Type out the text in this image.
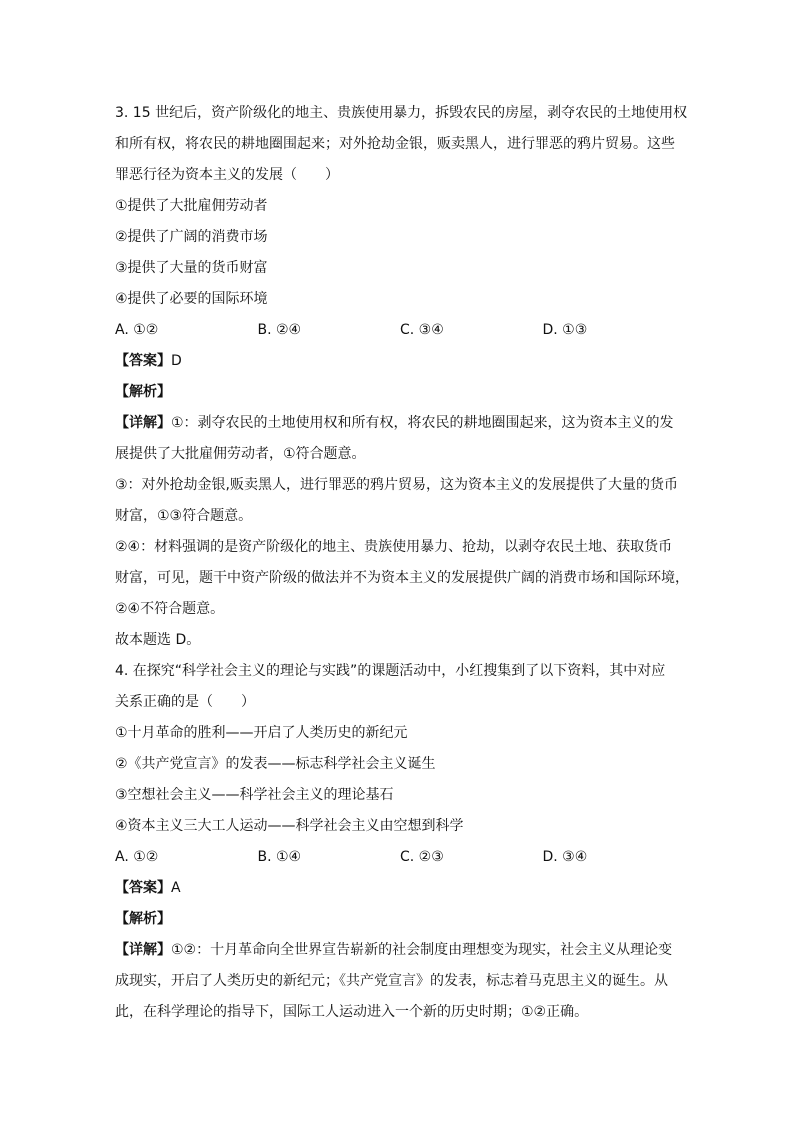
3. 15 世纪后，资产阶级化的地主、贵族使用暴力，拆毁农民的房屋，剥夺农民的土地使用权
和所有权，将农民的耕地圈围起来；对外抢劫金银，贩卖黑人，进行罪恶的鸦片贸易。这些
罪恶行径为资本主义的发展（　　）
①提供了大批雇佣劳动者
②提供了广阔的消费市场
③提供了大量的货币财富
④提供了必要的国际环境
A. ①②	B. ②④	C. ③④	D. ①③
【答案】D
【解析】
【详解】①：剥夺农民的土地使用权和所有权，将农民的耕地圈围起来，这为资本主义的发
展提供了大批雇佣劳动者，①符合题意。
③：对外抢劫金银,贩卖黑人，进行罪恶的鸦片贸易，这为资本主义的发展提供了大量的货币
财富，①③符合题意。
②④：材料强调的是资产阶级化的地主、贵族使用暴力、抢劫，以剥夺农民土地、获取货币
财富，可见，题干中资产阶级的做法并不为资本主义的发展提供广阔的消费市场和国际环境，
②④不符合题意。
故本题选 D。
4. 在探究“科学社会主义的理论与实践”的课题活动中，小红搜集到了以下资料，其中对应
关系正确的是（　　）
①十月革命的胜利——开启了人类历史的新纪元
②《共产党宣言》的发表——标志科学社会主义诞生
③空想社会主义——科学社会主义的理论基石
④资本主义三大工人运动——科学社会主义由空想到科学
A. ①②	B. ①④	C. ②③	D. ③④
【答案】A
【解析】
【详解】①②：十月革命向全世界宣告崭新的社会制度由理想变为现实，社会主义从理论变
成现实，开启了人类历史的新纪元；《共产党宣言》的发表，标志着马克思主义的诞生。从
此，在科学理论的指导下，国际工人运动进入一个新的历史时期；①②正确。
